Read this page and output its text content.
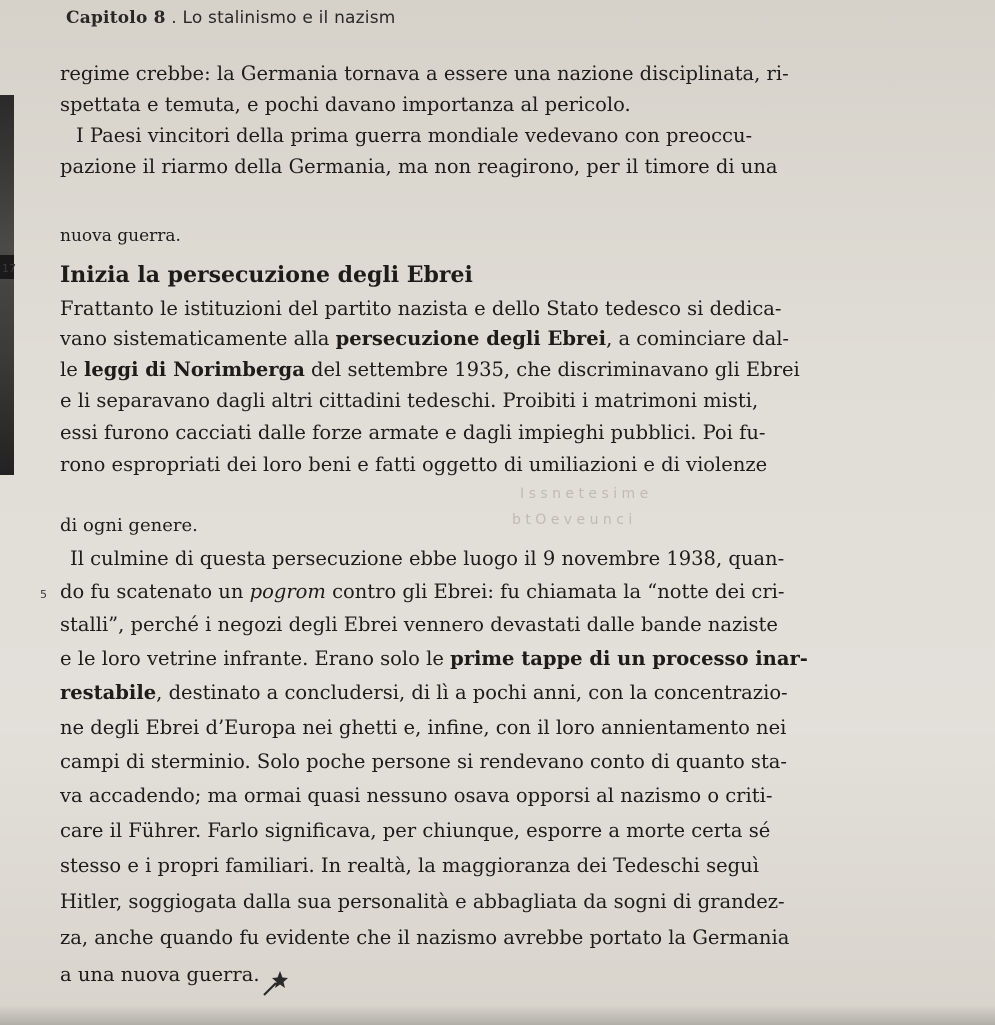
17
5
Capitolo 8 . Lo stalinismo e il nazism
regime crebbe: la Germania tornava a essere una nazione disciplinata, ri-
spettata e temuta, e pochi davano importanza al pericolo.
I Paesi vincitori della prima guerra mondiale vedevano con preoccu-
pazione il riarmo della Germania, ma non reagirono, per il timore di una
nuova guerra.
Inizia la persecuzione degli Ebrei
Frattanto le istituzioni del partito nazista e dello Stato tedesco si dedica-
vano sistematicamente alla persecuzione degli Ebrei, a cominciare dal-
le leggi di Norimberga del settembre 1935, che discriminavano gli Ebrei
e li separavano dagli altri cittadini tedeschi. Proibiti i matrimoni misti,
essi furono cacciati dalle forze armate e dagli impieghi pubblici. Poi fu-
rono espropriati dei loro beni e fatti oggetto di umiliazioni e di violenze
di ogni genere.
I s s n e t e s i m e
b t O e v e u n c i
Il culmine di questa persecuzione ebbe luogo il 9 novembre 1938, quan-
do fu scatenato un pogrom contro gli Ebrei: fu chiamata la “notte dei cri-
stalli”, perché i negozi degli Ebrei vennero devastati dalle bande naziste
e le loro vetrine infrante. Erano solo le prime tappe di un processo inar-
restabile, destinato a concludersi, di lì a pochi anni, con la concentrazio-
ne degli Ebrei d’Europa nei ghetti e, infine, con il loro annientamento nei
campi di sterminio. Solo poche persone si rendevano conto di quanto sta-
va accadendo; ma ormai quasi nessuno osava opporsi al nazismo o criti-
care il Führer. Farlo significava, per chiunque, esporre a morte certa sé
stesso e i propri familiari. In realtà, la maggioranza dei Tedeschi seguì
Hitler, soggiogata dalla sua personalità e abbagliata da sogni di grandez-
za, anche quando fu evidente che il nazismo avrebbe portato la Germania
a una nuova guerra.
